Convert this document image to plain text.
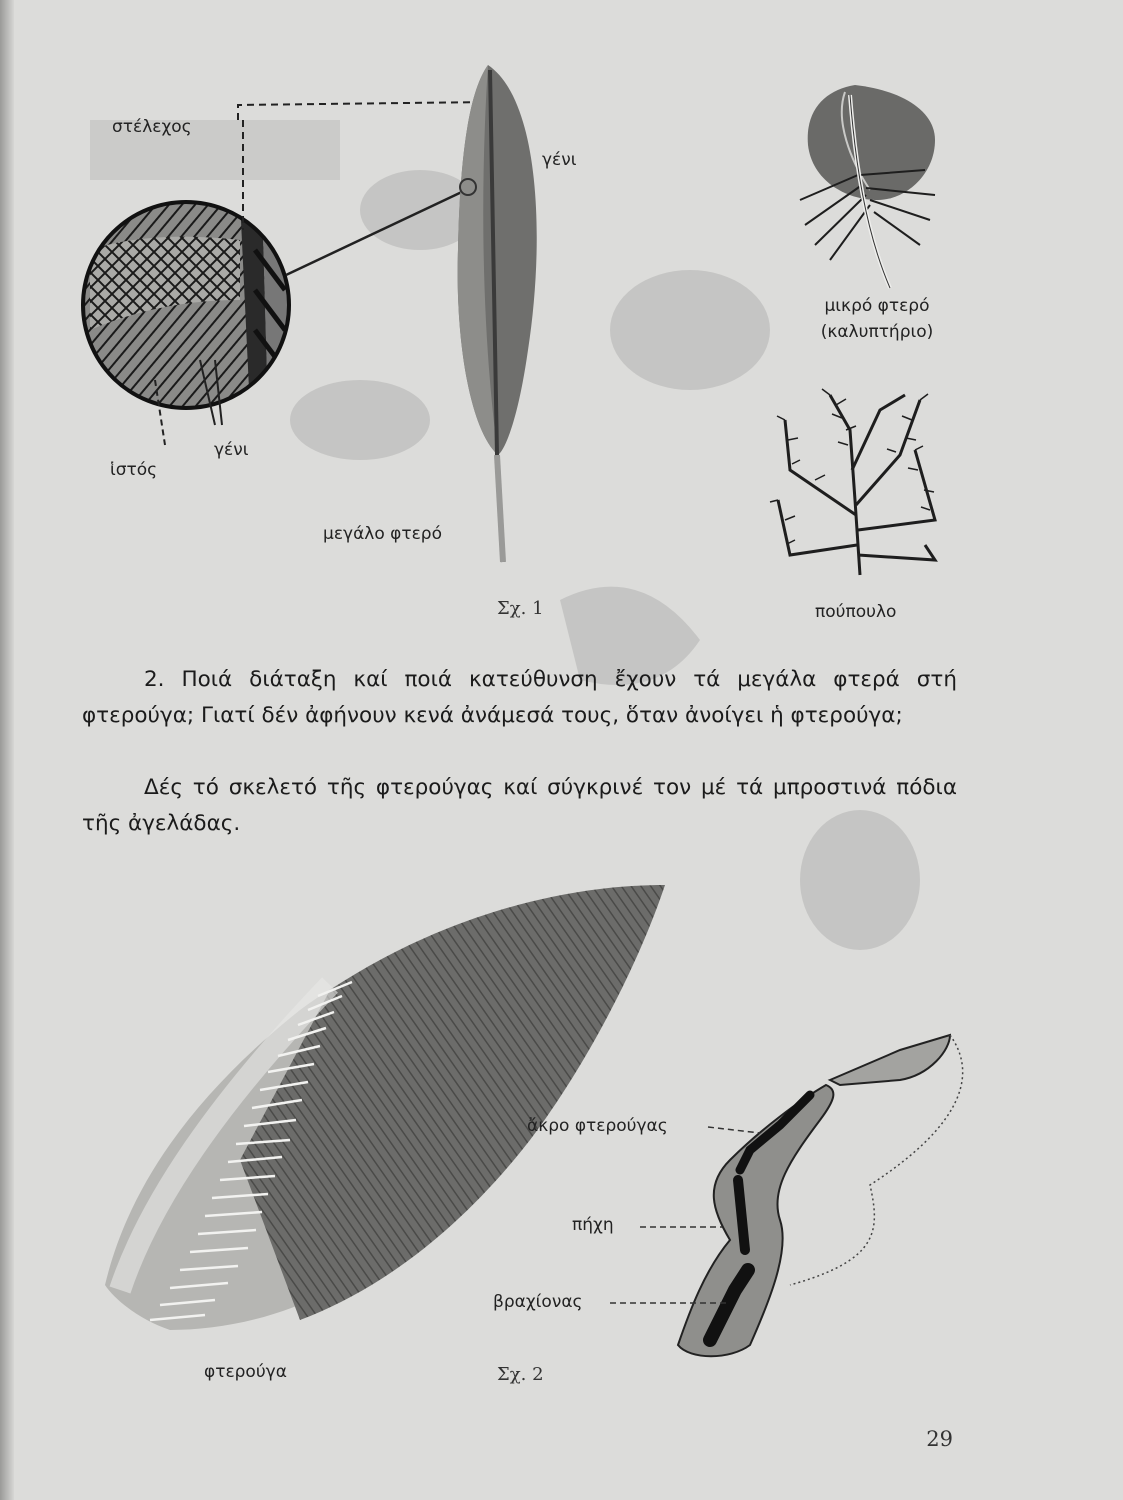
στέλεχος
γένι
γένι
ἱστός
μεγάλο φτερό
μικρό φτερό
(καλυπτήριο)
πούπουλο
Σχ. 1
2. Ποιά διάταξη καί ποιά κατεύθυνση ἔχουν τά μεγάλα φτερά στή φτερούγα; Γιατί δέν ἀφήνουν κενά ἀνάμεσά τους, ὅταν ἀνοίγει ἡ φτερούγα;
Δές τό σκελετό τῆς φτερούγας καί σύγκρινέ τον μέ τά μπροστινά πόδια τῆς ἀγελάδας.
ἄκρο φτερούγας
πήχη
βραχίονας
φτερούγα	Σχ. 2
29
